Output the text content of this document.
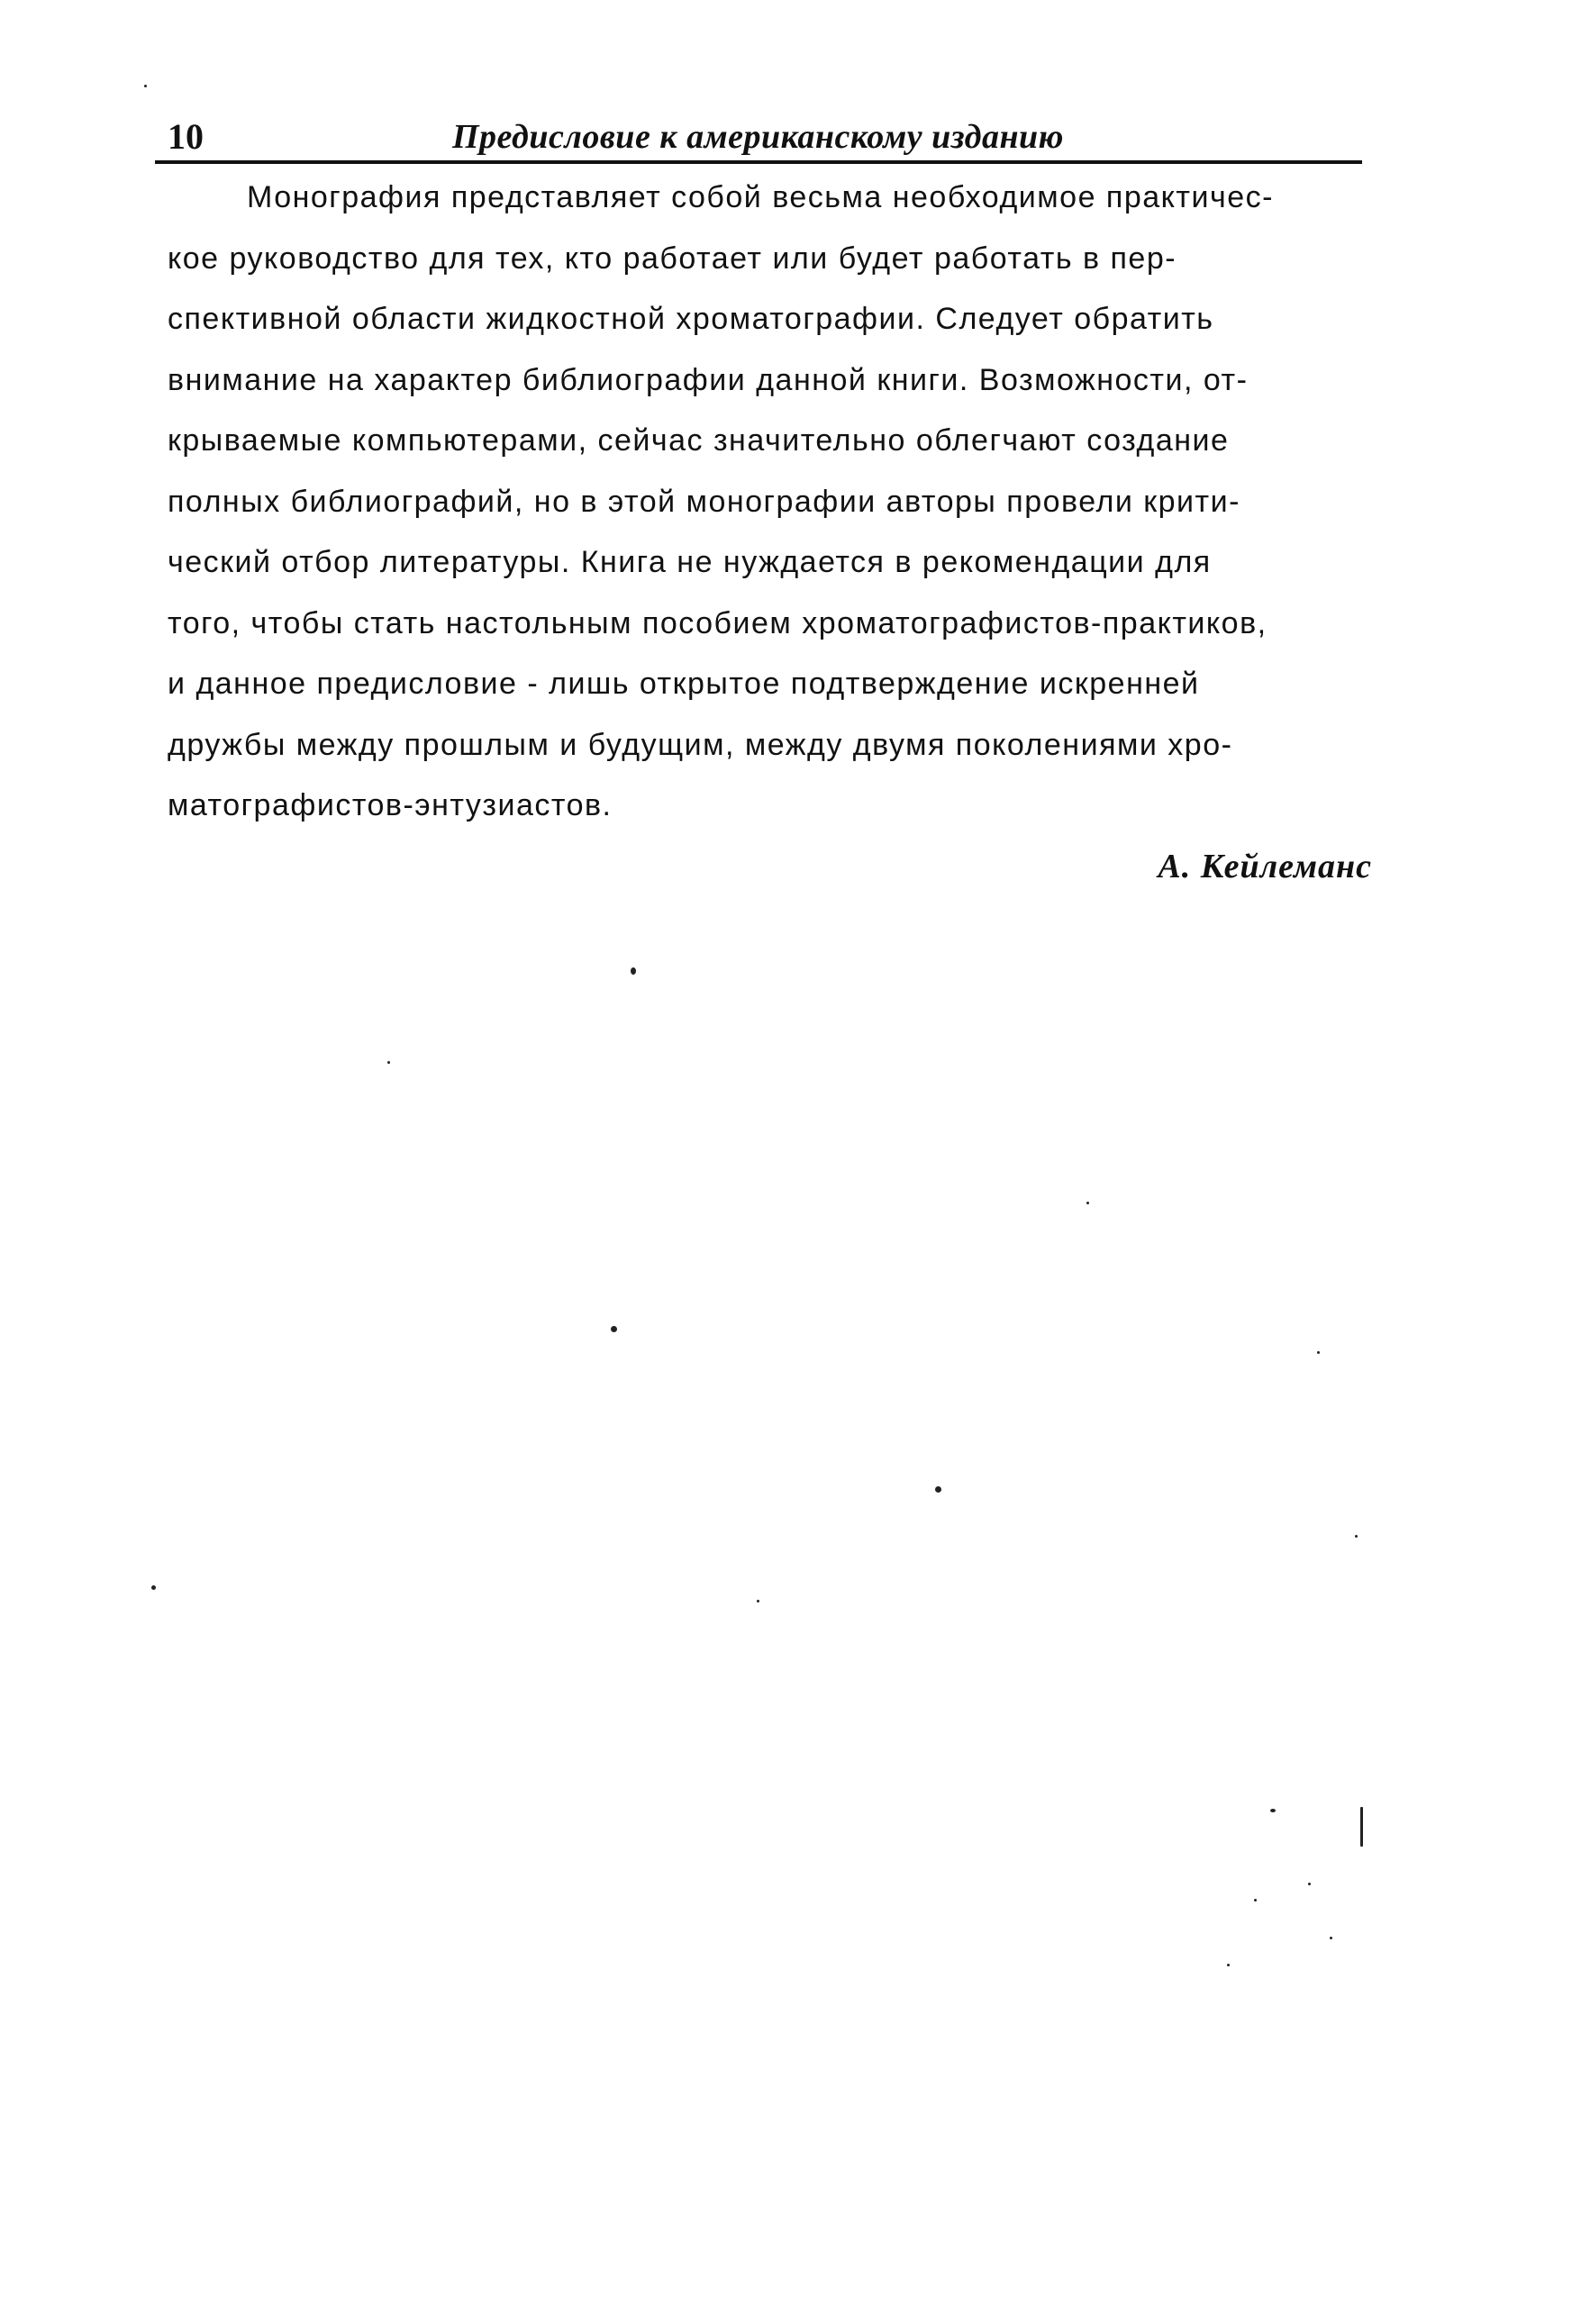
10	Предисловие к американскому изданию
Монография представляет собой весьма необходимое практичес-
кое руководство для тех, кто работает или будет работать в пер-
спективной области жидкостной хроматографии. Следует обратить
внимание на характер библиографии данной книги. Возможности, от-
крываемые компьютерами, сейчас значительно облегчают создание
полных библиографий, но в этой монографии авторы провели крити-
ческий отбор литературы. Книга не нуждается в рекомендации для
того, чтобы стать настольным пособием хроматографистов-практиков,
и данное предисловие - лишь открытое подтверждение искренней
дружбы между прошлым и будущим, между двумя поколениями хро-
матографистов-энтузиастов.
А. Кейлеманс
